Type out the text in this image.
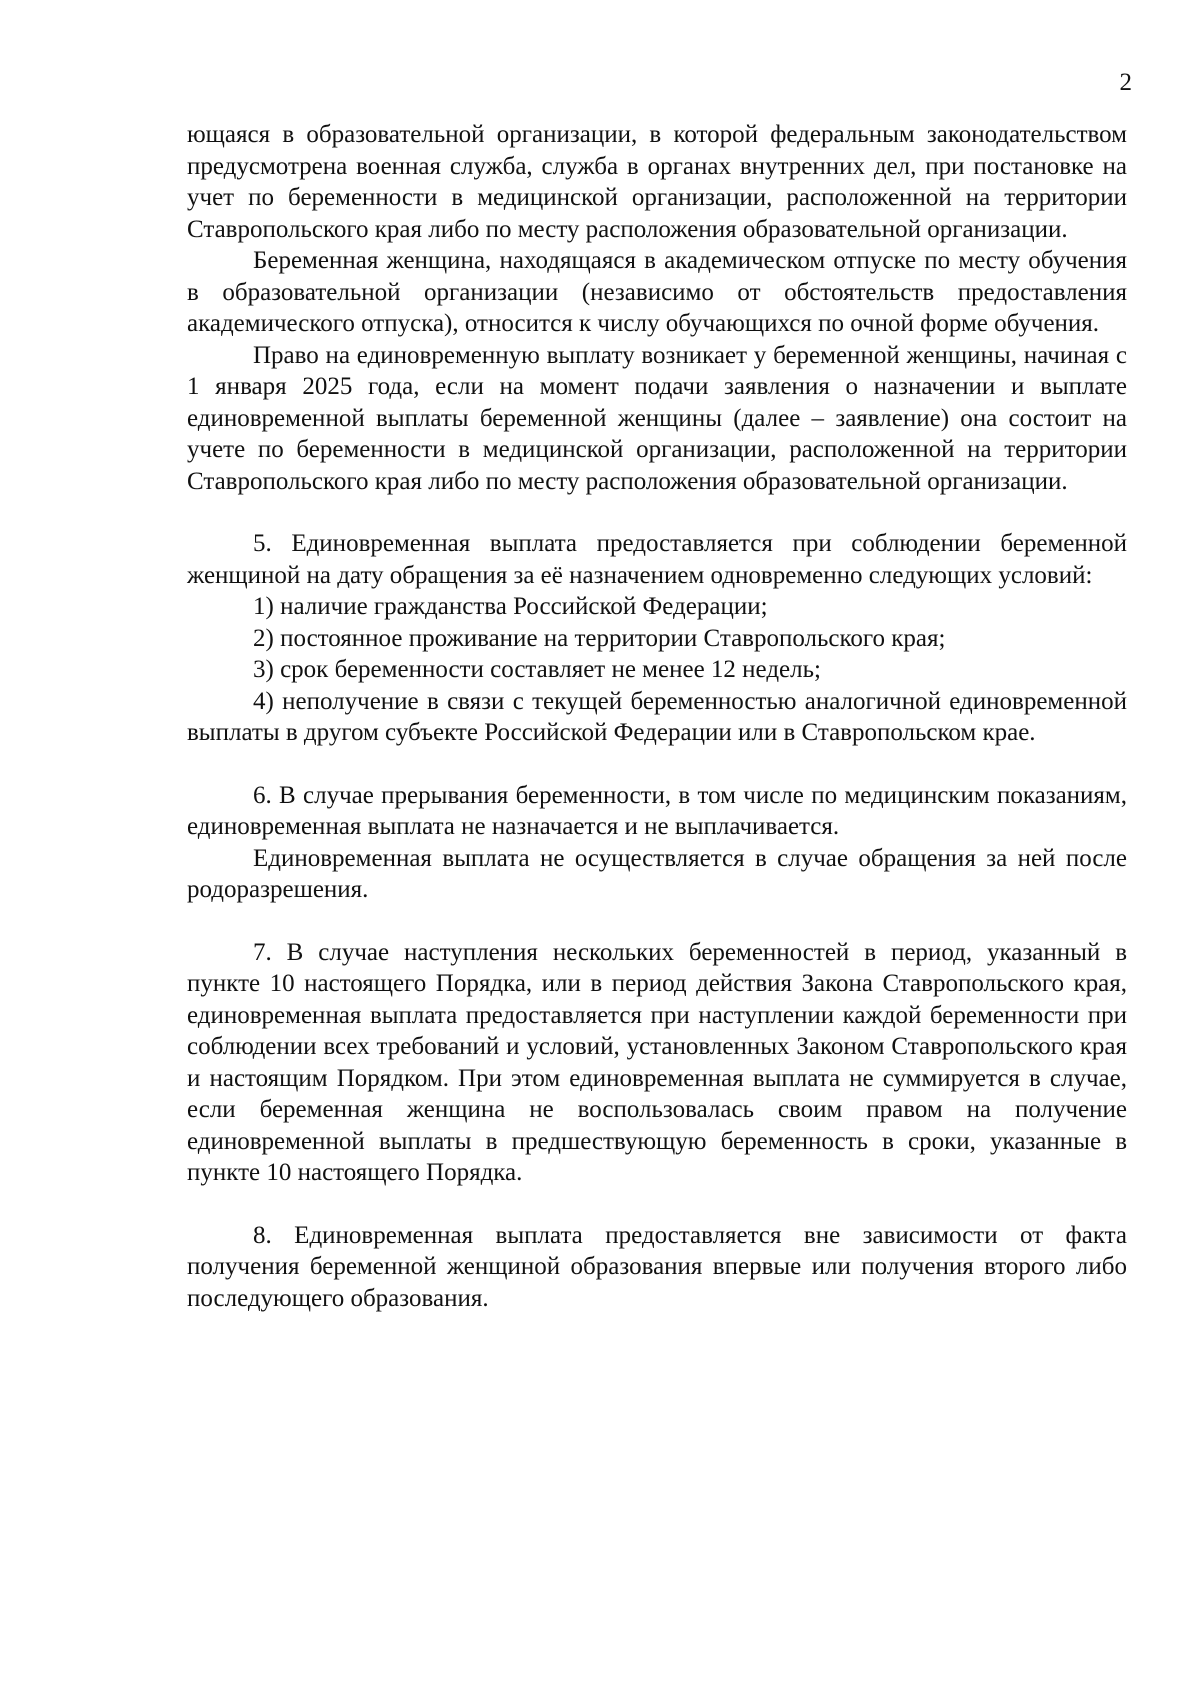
2

ющаяся в образовательной организации, в которой федеральным законодательством предусмотрена военная служба, служба в органах внутренних дел, при постановке на учет по беременности в медицинской организации, расположенной на территории Ставропольского края либо по месту расположения образовательной организации.

Беременная женщина, находящаяся в академическом отпуске по месту обучения в образовательной организации (независимо от обстоятельств предоставления академического отпуска), относится к числу обучающихся по очной форме обучения.

Право на единовременную выплату возникает у беременной женщины, начиная с 1 января 2025 года, если на момент подачи заявления о назначении и выплате единовременной выплаты беременной женщины (далее – заявление) она состоит на учете по беременности в медицинской организации, расположенной на территории Ставропольского края либо по месту расположения образовательной организации.

5. Единовременная выплата предоставляется при соблюдении беременной женщиной на дату обращения за её назначением одновременно следующих условий:

1) наличие гражданства Российской Федерации;

2) постоянное проживание на территории Ставропольского края;

3) срок беременности составляет не менее 12 недель;

4) неполучение в связи с текущей беременностью аналогичной единовременной выплаты в другом субъекте Российской Федерации или в Ставропольском крае.

6. В случае прерывания беременности, в том числе по медицинским показаниям, единовременная выплата не назначается и не выплачивается.

Единовременная выплата не осуществляется в случае обращения за ней после родоразрешения.

7. В случае наступления нескольких беременностей в период, указанный в пункте 10 настоящего Порядка, или в период действия Закона Ставропольского края, единовременная выплата предоставляется при наступлении каждой беременности при соблюдении всех требований и условий, установленных Законом Ставропольского края и настоящим Порядком. При этом единовременная выплата не суммируется в случае, если беременная женщина не воспользовалась своим правом на получение единовременной выплаты в предшествующую беременность в сроки, указанные в пункте 10 настоящего Порядка.

8. Единовременная выплата предоставляется вне зависимости от факта получения беременной женщиной образования впервые или получения второго либо последующего образования.
